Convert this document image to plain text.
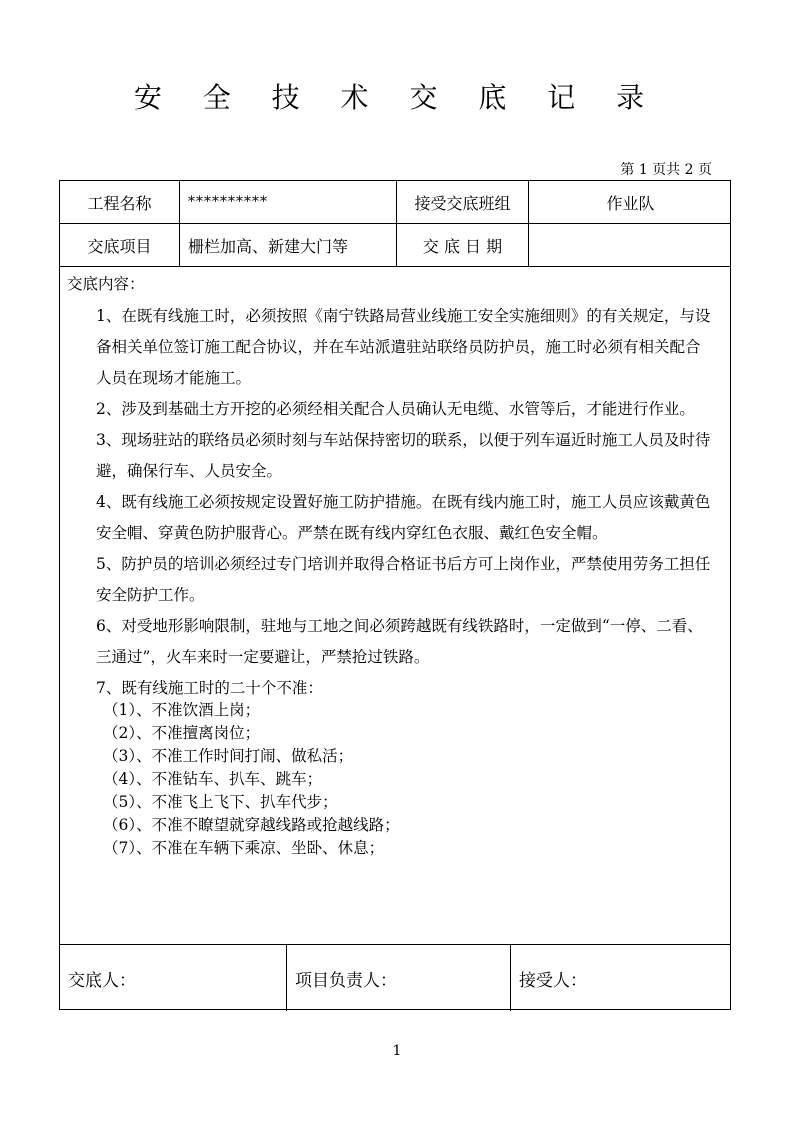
安 全 技 术 交 底 记 录
第 1 页共 2 页
工程名称	**********	接受交底班组	作业队
交底项目	栅栏加高、新建大门等	交 底 日 期
交底内容：
1、在既有线施工时，必须按照《南宁铁路局营业线施工安全实施细则》的有关规定，与设
备相关单位签订施工配合协议，并在车站派遣驻站联络员防护员，施工时必须有相关配合
人员在现场才能施工。
2、涉及到基础土方开挖的必须经相关配合人员确认无电缆、水管等后，才能进行作业。
3、现场驻站的联络员必须时刻与车站保持密切的联系，以便于列车逼近时施工人员及时待
避，确保行车、人员安全。
4、既有线施工必须按规定设置好施工防护措施。在既有线内施工时，施工人员应该戴黄色
安全帽、穿黄色防护服背心。严禁在既有线内穿红色衣服、戴红色安全帽。
5、防护员的培训必须经过专门培训并取得合格证书后方可上岗作业，严禁使用劳务工担任
安全防护工作。
6、对受地形影响限制，驻地与工地之间必须跨越既有线铁路时，一定做到“一停、二看、
三通过”，火车来时一定要避让，严禁抢过铁路。
7、既有线施工时的二十个不准：
（1）、不准饮酒上岗；
（2）、不准擅离岗位；
（3）、不准工作时间打闹、做私活；
（4）、不准钻车、扒车、跳车；
（5）、不准飞上飞下、扒车代步；
（6）、不准不瞭望就穿越线路或抢越线路；
（7）、不准在车辆下乘凉、坐卧、休息；
交底人：	项目负责人：	接受人：
1
